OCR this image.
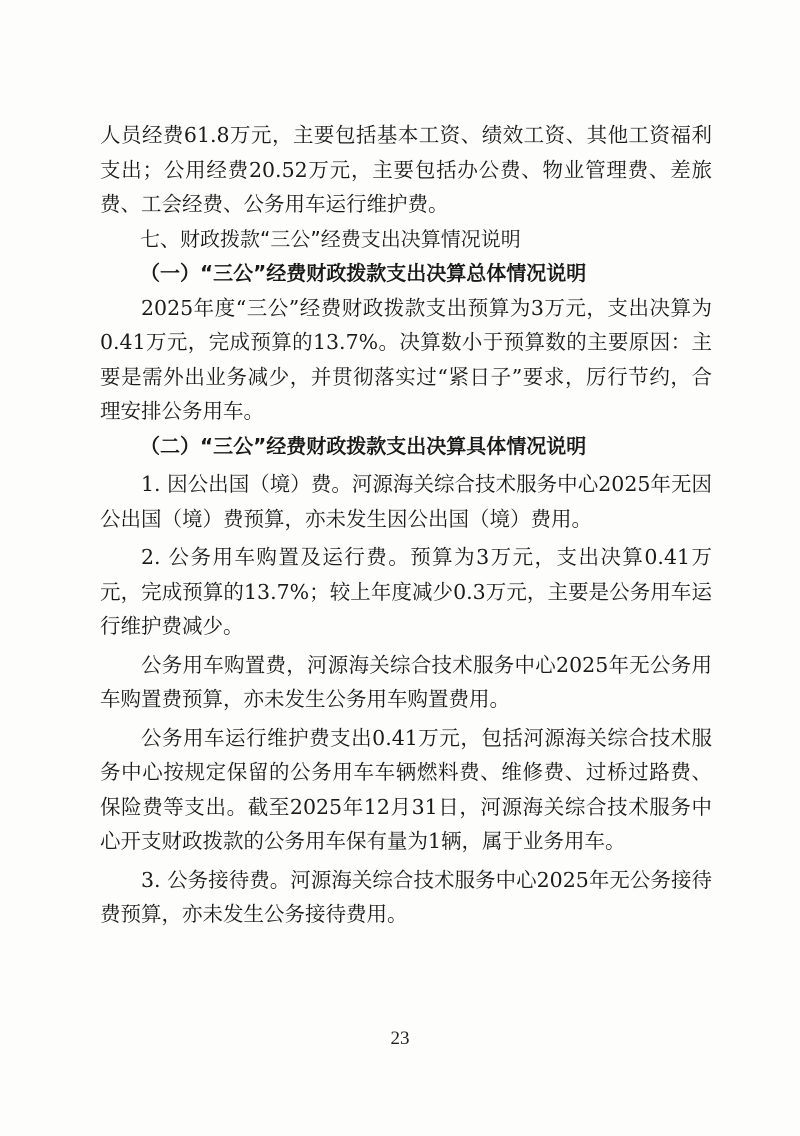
人员经费61.8万元，主要包括基本工资、绩效工资、其他工资福利支出；公用经费20.52万元，主要包括办公费、物业管理费、差旅费、工会经费、公务用车运行维护费。

七、财政拨款“三公”经费支出决算情况说明

（一）“三公”经费财政拨款支出决算总体情况说明

2025年度“三公”经费财政拨款支出预算为3万元，支出决算为0.41万元，完成预算的13.7%。决算数小于预算数的主要原因：主要是需外出业务减少，并贯彻落实过“紧日子”要求，厉行节约，合理安排公务用车。

（二）“三公”经费财政拨款支出决算具体情况说明

1. 因公出国（境）费。河源海关综合技术服务中心2025年无因公出国（境）费预算，亦未发生因公出国（境）费用。

2. 公务用车购置及运行费。预算为3万元，支出决算0.41万元，完成预算的13.7%；较上年度减少0.3万元，主要是公务用车运行维护费减少。

公务用车购置费，河源海关综合技术服务中心2025年无公务用车购置费预算，亦未发生公务用车购置费用。

公务用车运行维护费支出0.41万元，包括河源海关综合技术服务中心按规定保留的公务用车车辆燃料费、维修费、过桥过路费、保险费等支出。截至2025年12月31日，河源海关综合技术服务中心开支财政拨款的公务用车保有量为1辆，属于业务用车。

3. 公务接待费。河源海关综合技术服务中心2025年无公务接待费预算，亦未发生公务接待费用。

23
